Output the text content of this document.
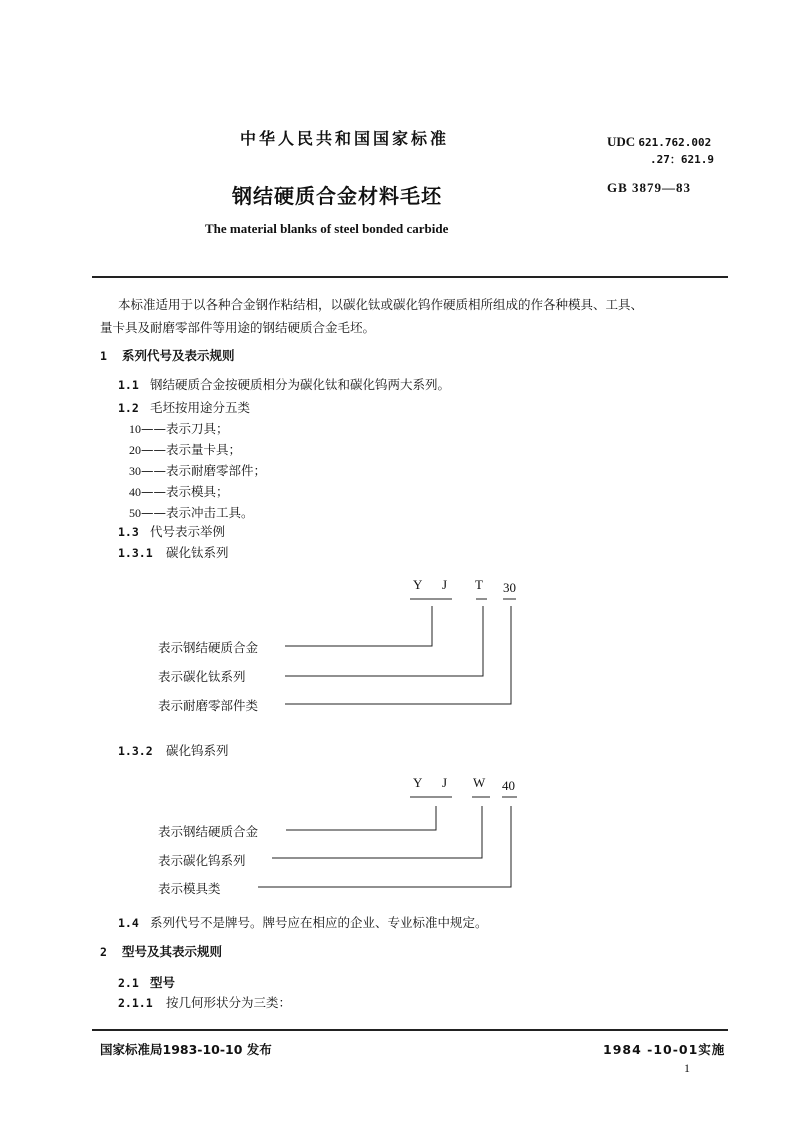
中华人民共和国国家标准	UDC 621.762.002
.27：621.9
钢结硬质合金材料毛坯	GB 3879—83
The material blanks of steel bonded carbide
本标准适用于以各种合金钢作粘结相，以碳化钛或碳化钨作硬质相所组成的作各种模具、工具、
量卡具及耐磨零部件等用途的钢结硬质合金毛坯。
1 系列代号及表示规则
1.1 钢结硬质合金按硬质相分为碳化钛和碳化钨两大系列。
1.2 毛坯按用途分五类
10——表示刀具；
20——表示量卡具；
30——表示耐磨零部件；
40——表示模具；
50——表示冲击工具。
1.3 代号表示举例
1.3.1 碳化钛系列
Y J T 30
表示钢结硬质合金
表示碳化钛系列
表示耐磨零部件类
1.3.2 碳化钨系列
Y J W 40
表示钢结硬质合金
表示碳化钨系列
表示模具类
1.4 系列代号不是牌号。牌号应在相应的企业、专业标准中规定。
2 型号及其表示规则
2.1 型号
2.1.1 按几何形状分为三类：
国家标准局1983-10-10 发布	1984 -10-01实施
1
